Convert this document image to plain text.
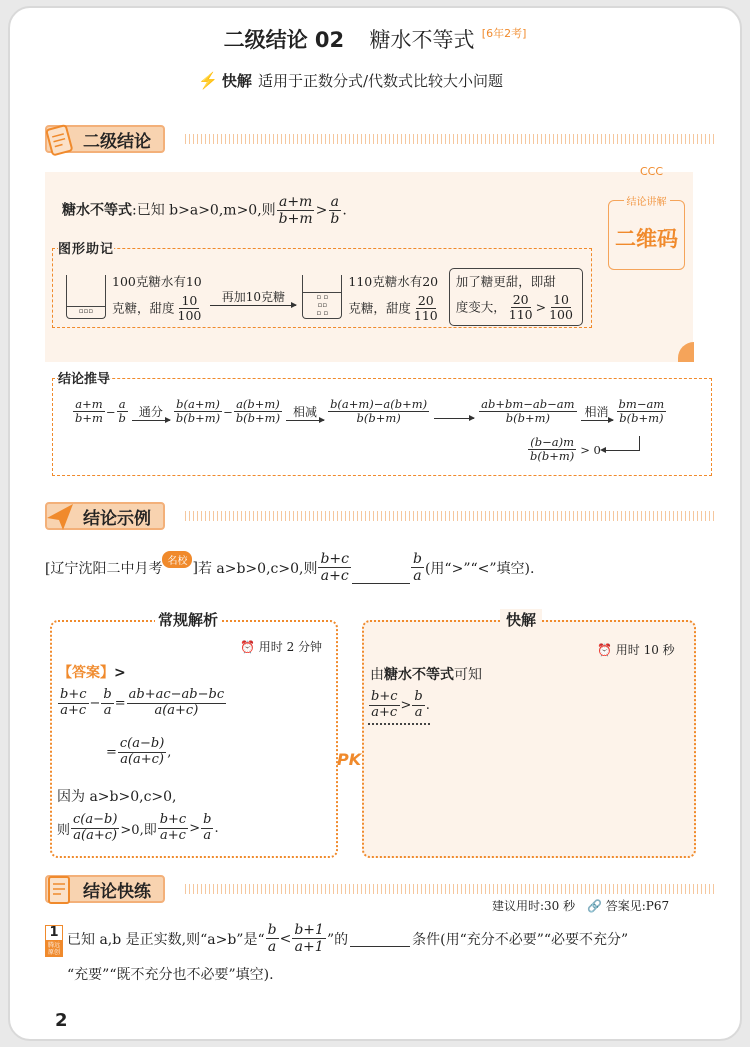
二级结论 02 糖水不等式 [6年2考]
⚡ 快解 适用于正数分式/代数式比较大小问题
二级结论
糖水不等式:已知 b>a>0,m>0,则 $\frac{a+m}{b+m} > \frac{a}{b}$ .
CCC
结论讲解
二维码
图形助记
▫▫▫
100克糖水有10
克糖，甜度 $\frac{10}{100}$ 再加10克糖	▫ ▫
▫▫
▫ ▫
110克糖水有20
克糖，甜度 $\frac{20}{110}$
加了糖更甜，即甜
度变大， $\frac{20}{110} > \frac{10}{100}$
结论推导
$\frac{a+m}{b+m} - \frac{a}{b}$ 通分 $\frac{b(a+m)}{b(b+m)} - \frac{a(b+m)}{b(b+m)}$ 相减 $\frac{b(a+m)-a(b+m)}{b(b+m)}$
	$\frac{ab+bm-ab-am}{b(b+m)}$ 相消 $\frac{bm-am}{b(b+m)}$
$\frac{(b-a)m}{b(b+m)} > 0$
结论示例
[辽宁沈阳二中月考 名校 ] 若 a>b>0,c>0,则 $\frac{b+c}{a+c}$	$\frac{b}{a}$ (用“>”“<”填空).
常规解析
⏰ 用时 2 分钟
【答案】>
$\frac{b+c}{a+c} - \frac{b}{a} = \frac{ab+ac-ab-bc}{a(a+c)}$
= $\frac{c(a-b)}{a(a+c)}$ ,
因为 a>b>0,c>0,
则 $\frac{c(a-b)}{a(a+c)} >0$,即 $\frac{b+c}{a+c} > \frac{b}{a}$ .
PK
快解
⏰ 用时 10 秒
由糖水不等式可知
$\frac{b+c}{a+c} > \frac{b}{a}$ .
结论快练
建议用时:30 秒 🔗 答案见:P67
1
腾远原创
已知 a,b 是正实数,则“a>b”是“ $\frac{b}{a} < \frac{b+1}{a+1}$ ”的	条件(用“充分不必要”“必要不充分”
“充要”“既不充分也不必要”填空).
2
